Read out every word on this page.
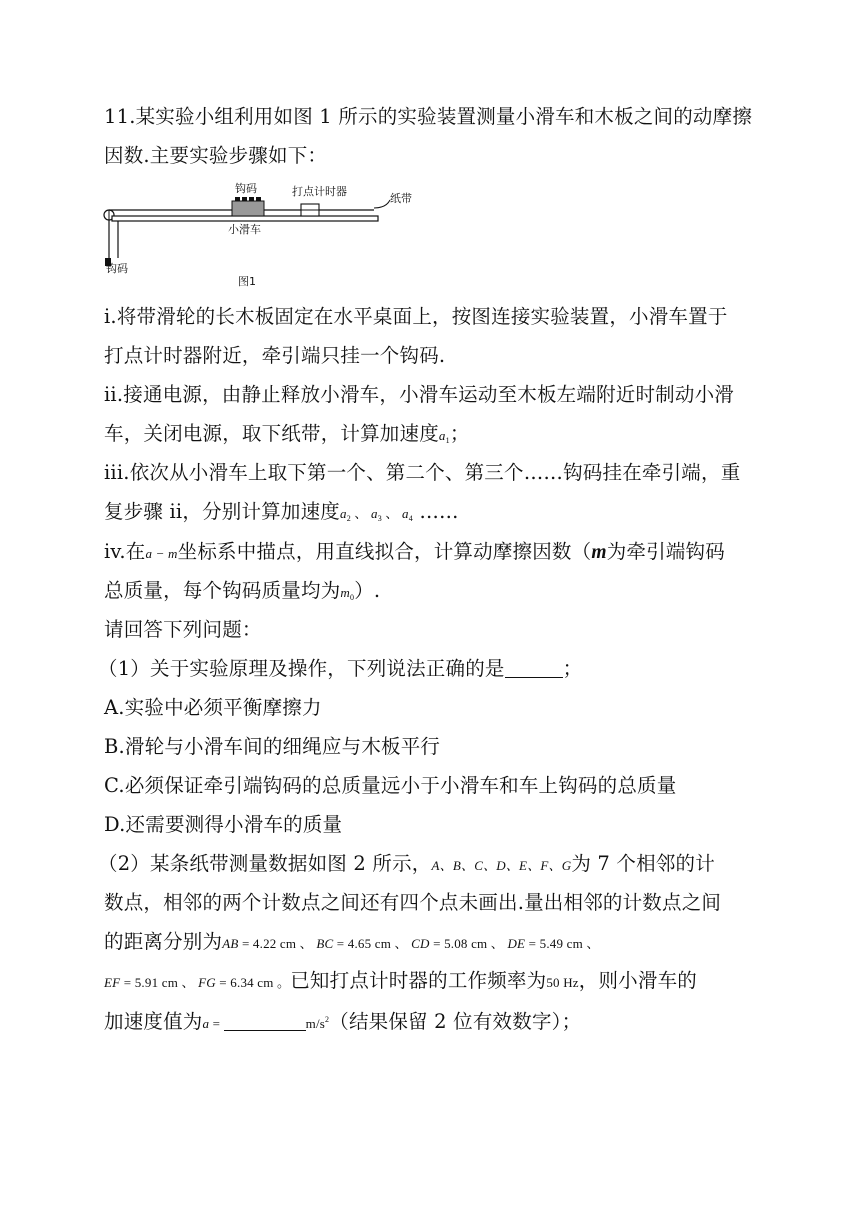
11.某实验小组利用如图 1 所示的实验装置测量小滑车和木板之间的动摩擦
因数.主要实验步骤如下：
钩码	打点计时器
纸带
小滑车
钩码
图1
i.将带滑轮的长木板固定在水平桌面上，按图连接实验装置，小滑车置于
打点计时器附近，牵引端只挂一个钩码.
ii.接通电源，由静止释放小滑车，小滑车运动至木板左端附近时制动小滑
车，关闭电源，取下纸带，计算加速度$a_1$；
iii.依次从小滑车上取下第一个、第二个、第三个……钩码挂在牵引端，重
复步骤 ii，分别计算加速度$a_2$ 、 $a_3$ 、 $a_4$ ……
iv.在a − m坐标系中描点，用直线拟合，计算动摩擦因数（m为牵引端钩码
总质量，每个钩码质量均为$m_0$）.
请回答下列问题：
（1）关于实验原理及操作，下列说法正确的是	；
A.实验中必须平衡摩擦力
B.滑轮与小滑车间的细绳应与木板平行
C.必须保证牵引端钩码的总质量远小于小滑车和车上钩码的总质量
D.还需要测得小滑车的质量
（2）某条纸带测量数据如图 2 所示，A、B、C、D、E、F、G为 7 个相邻的计
数点，相邻的两个计数点之间还有四个点未画出.量出相邻的计数点之间
的距离分别为AB = 4.22 cm 、 BC = 4.65 cm 、 CD = 5.08 cm 、 DE = 5.49 cm 、
EF = 5.91 cm 、 FG = 6.34 cm 。已知打点计时器的工作频率为50 Hz，则小滑车的
加速度值为a =	$m/s^2$（结果保留 2 位有效数字）；
